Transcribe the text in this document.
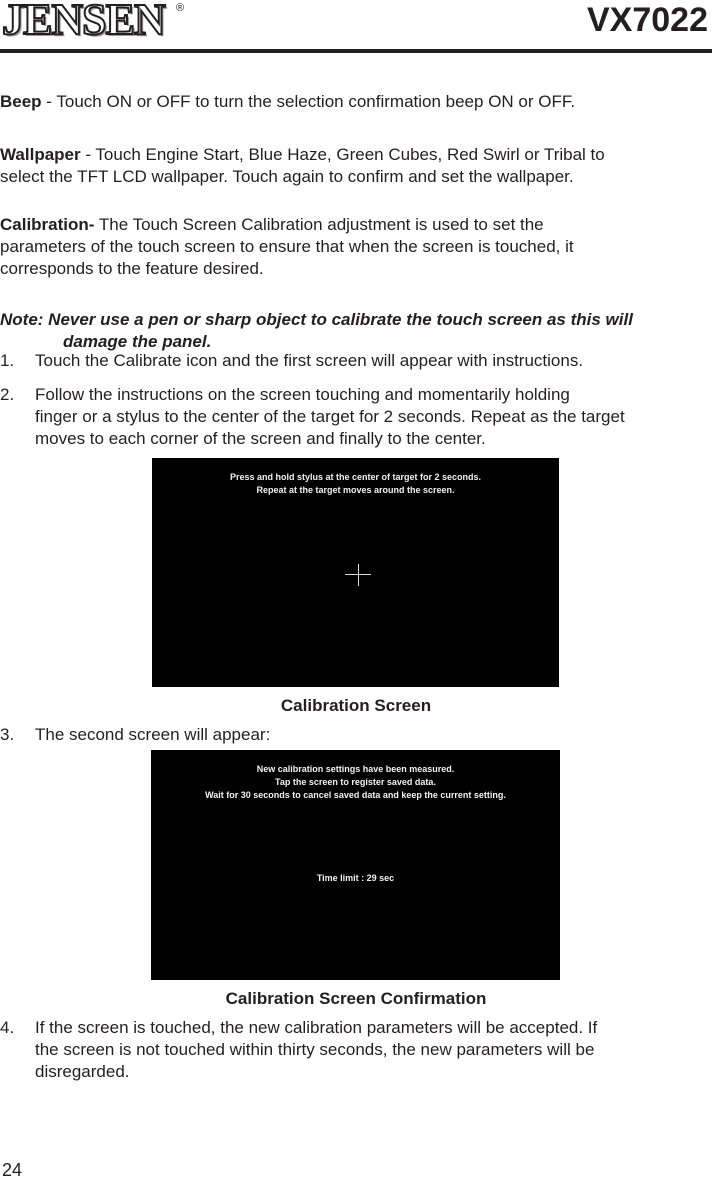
JENSEN ®	VX7022

Beep - Touch ON or OFF to turn the selection confirmation beep ON or OFF.

Wallpaper - Touch Engine Start, Blue Haze, Green Cubes, Red Swirl or Tribal to
select the TFT LCD wallpaper. Touch again to confirm and set the wallpaper.

Calibration- The Touch Screen Calibration adjustment is used to set the
parameters of the touch screen to ensure that when the screen is touched, it
corresponds to the feature desired.

Note: Never use a pen or sharp object to calibrate the touch screen as this will
damage the panel.

1. Touch the Calibrate icon and the first screen will appear with instructions.
2. Follow the instructions on the screen touching and momentarily holding
finger or a stylus to the center of the target for 2 seconds. Repeat as the target
moves to each corner of the screen and finally to the center.
Press and hold stylus at the center of target for 2 seconds.
Repeat at the target moves around the screen.
Calibration Screen
3. The second screen will appear:
New calibration settings have been measured.
Tap the screen to register saved data.
Wait for 30 seconds to cancel saved data and keep the current setting.
Time limit : 29 sec
Calibration Screen Confirmation
4. If the screen is touched, the new calibration parameters will be accepted. If
the screen is not touched within thirty seconds, the new parameters will be
disregarded.
24
